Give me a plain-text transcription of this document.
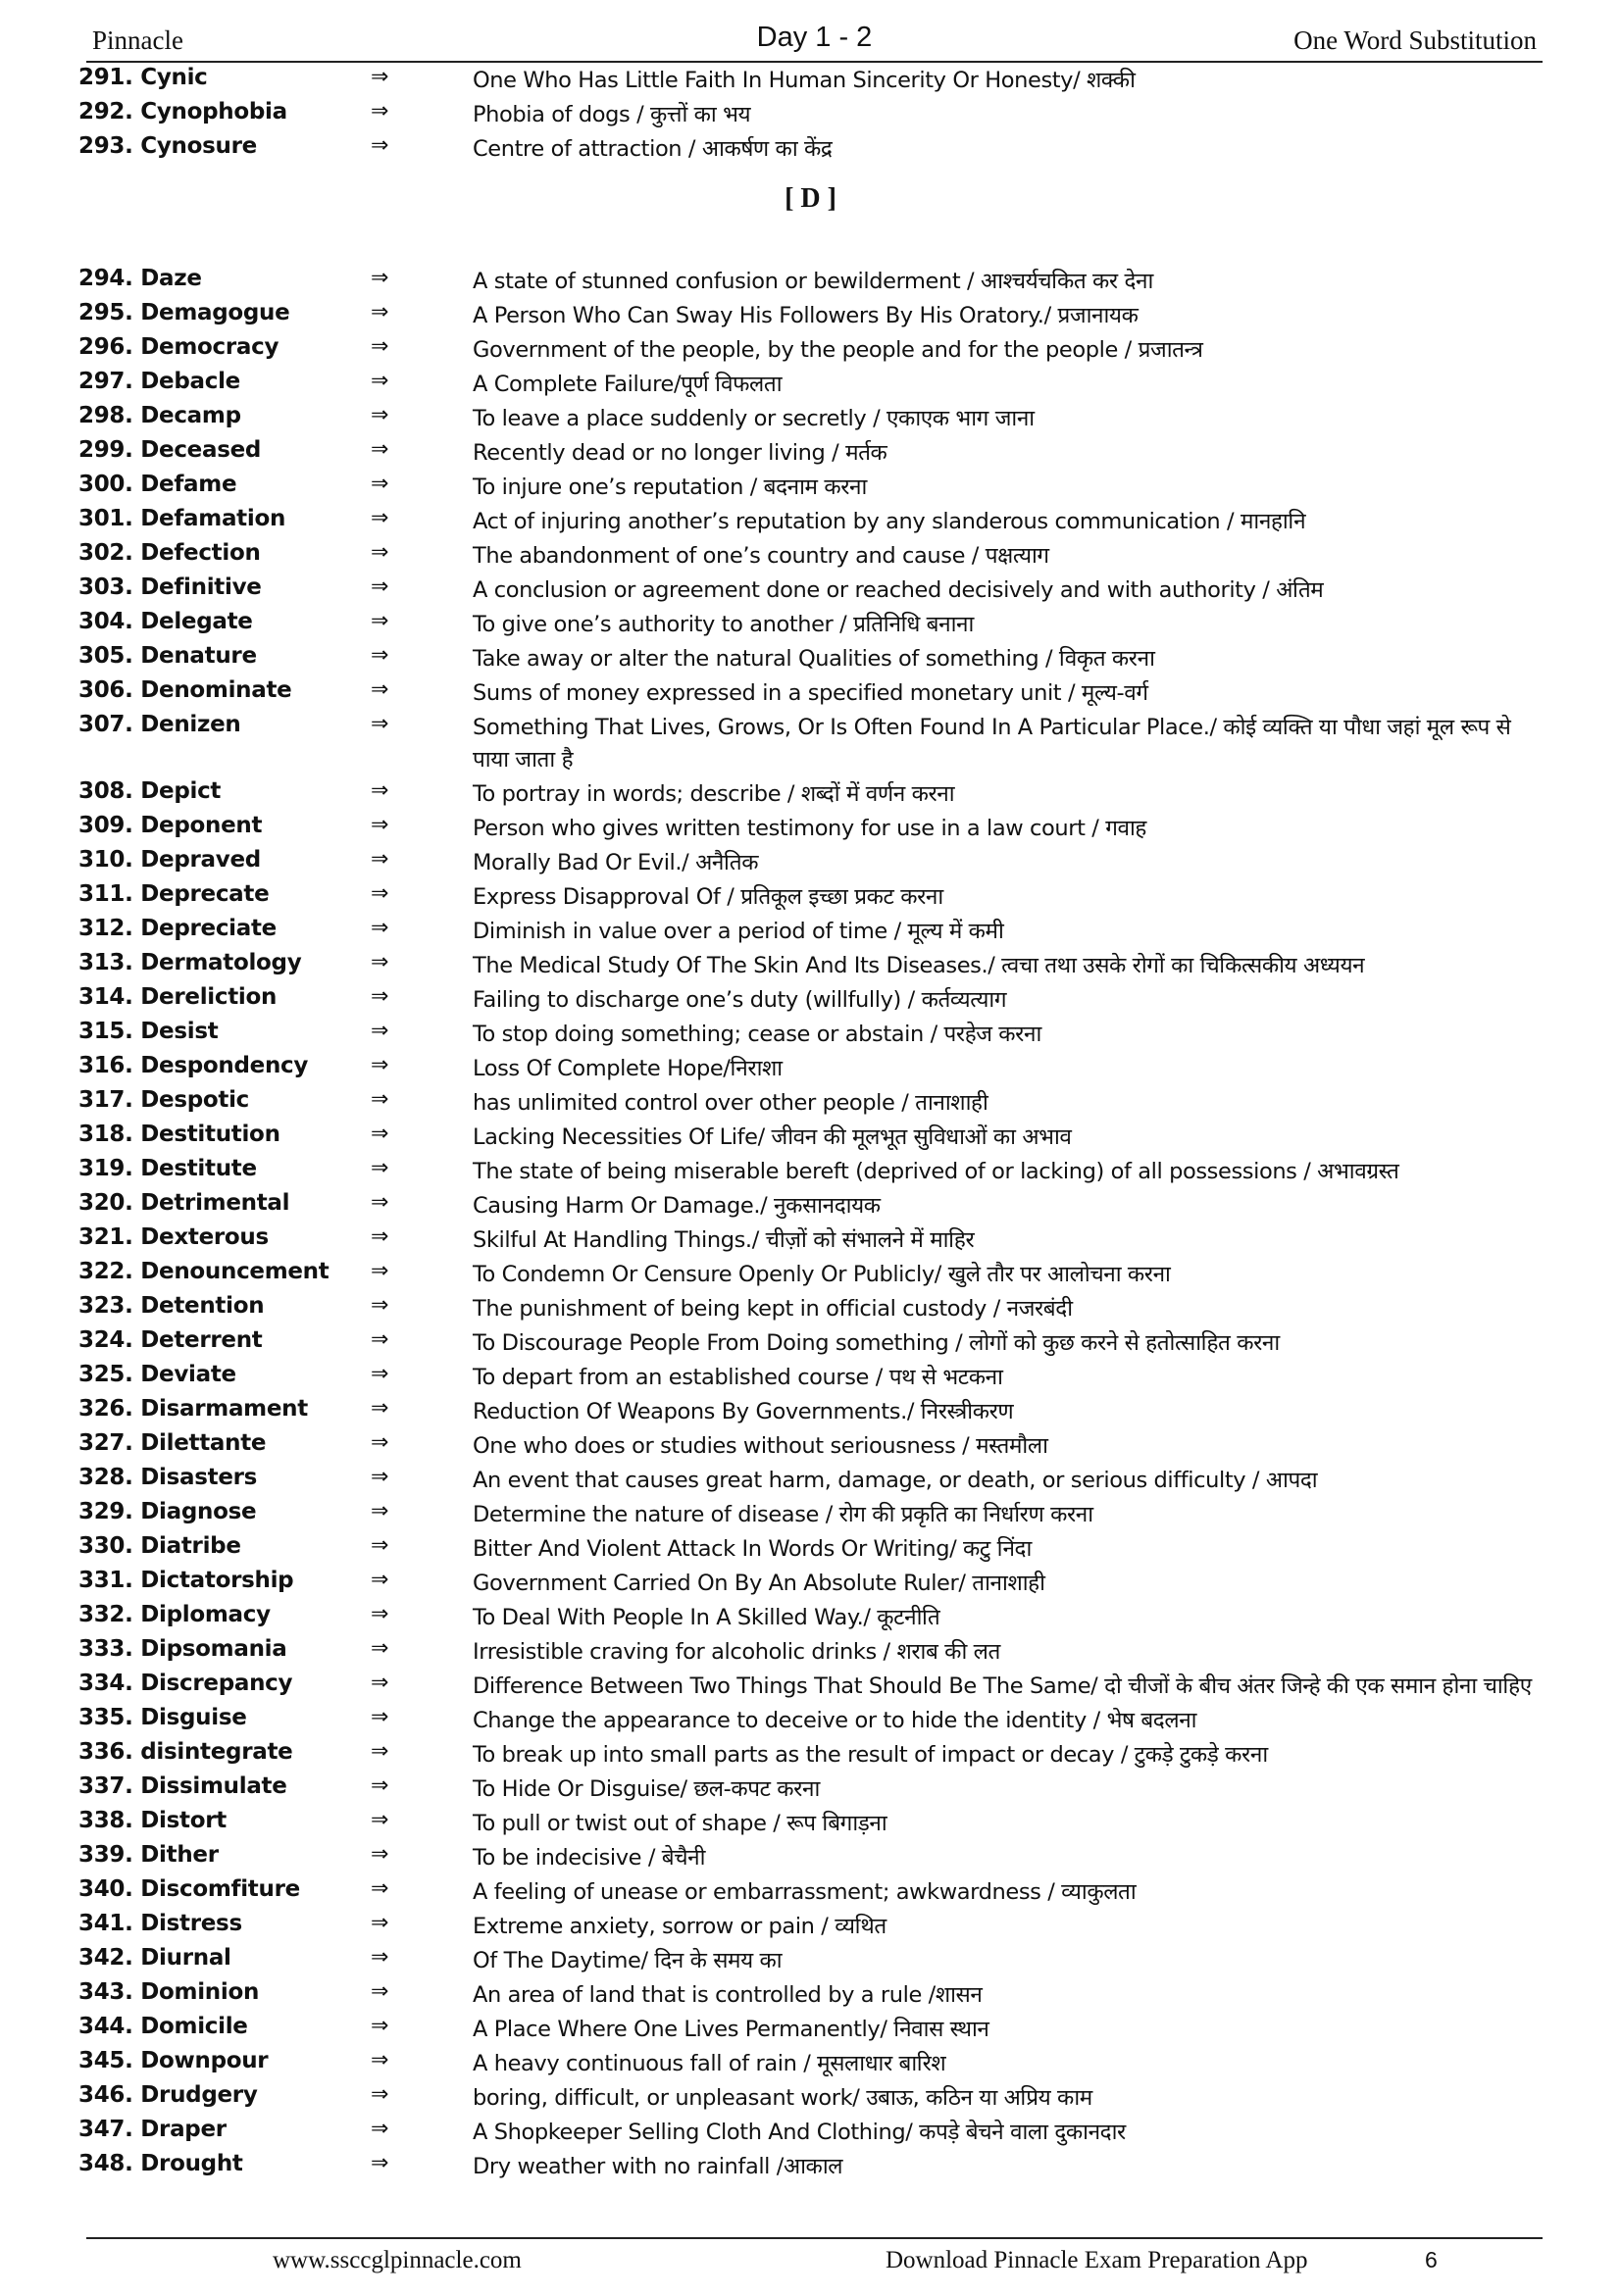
Pinnacle	Day 1 - 2	One Word Substitution
291. Cynic	⇒	One Who Has Little Faith In Human Sincerity Or Honesty/ शक्की
292. Cynophobia	⇒	Phobia of dogs / कुत्तों का भय
293. Cynosure	⇒	Centre of attraction / आकर्षण का केंद्र
[ D ]
294. Daze	⇒	A state of stunned confusion or bewilderment / आश्चर्यचकित कर देना
295. Demagogue	⇒	A Person Who Can Sway His Followers By His Oratory./ प्रजानायक
296. Democracy	⇒	Government of the people, by the people and for the people / प्रजातन्त्र
297. Debacle	⇒	A Complete Failure/पूर्ण विफलता
298. Decamp	⇒	To leave a place suddenly or secretly / एकाएक भाग जाना
299. Deceased	⇒	Recently dead or no longer living / मर्तक
300. Defame	⇒	To injure one’s reputation / बदनाम करना
301. Defamation	⇒	Act of injuring another’s reputation by any slanderous communication / मानहानि
302. Defection	⇒	The abandonment of one’s country and cause / पक्षत्याग
303. Definitive	⇒	A conclusion or agreement done or reached decisively and with authority / अंतिम
304. Delegate	⇒	To give one’s authority to another / प्रतिनिधि बनाना
305. Denature	⇒	Take away or alter the natural Qualities of something / विकृत करना
306. Denominate	⇒	Sums of money expressed in a specified monetary unit / मूल्य-वर्ग
307. Denizen	⇒	Something That Lives, Grows, Or Is Often Found In A Particular Place./ कोई व्यक्ति या पौधा जहां मूल रूप से पाया जाता है
308. Depict	⇒	To portray in words; describe / शब्दों में वर्णन करना
309. Deponent	⇒	Person who gives written testimony for use in a law court / गवाह
310. Depraved	⇒	Morally Bad Or Evil./ अनैतिक
311. Deprecate	⇒	Express Disapproval Of / प्रतिकूल इच्छा प्रकट करना
312. Depreciate	⇒	Diminish in value over a period of time / मूल्य में कमी
313. Dermatology	⇒	The Medical Study Of The Skin And Its Diseases./ त्वचा तथा उसके रोगों का चिकित्सकीय अध्ययन
314. Dereliction	⇒	Failing to discharge one’s duty (willfully) / कर्तव्यत्याग
315. Desist	⇒	To stop doing something; cease or abstain / परहेज करना
316. Despondency	⇒	Loss Of Complete Hope/निराशा
317. Despotic	⇒	has unlimited control over other people / तानाशाही
318. Destitution	⇒	Lacking Necessities Of Life/ जीवन की मूलभूत सुविधाओं का अभाव
319. Destitute	⇒	The state of being miserable bereft (deprived of or lacking) of all possessions / अभावग्रस्त
320. Detrimental	⇒	Causing Harm Or Damage./ नुकसानदायक
321. Dexterous	⇒	Skilful At Handling Things./ चीज़ों को संभालने में माहिर
322. Denouncement ⇒	To Condemn Or Censure Openly Or Publicly/ खुले तौर पर आलोचना करना
323. Detention	⇒	The punishment of being kept in official custody / नजरबंदी
324. Deterrent	⇒	To Discourage People From Doing something / लोगों को कुछ करने से हतोत्साहित करना
325. Deviate	⇒	To depart from an established course / पथ से भटकना
326. Disarmament	⇒	Reduction Of Weapons By Governments./ निरस्त्रीकरण
327. Dilettante	⇒	One who does or studies without seriousness / मस्तमौला
328. Disasters	⇒	An event that causes great harm, damage, or death, or serious difficulty / आपदा
329. Diagnose	⇒	Determine the nature of disease / रोग की प्रकृति का निर्धारण करना
330. Diatribe	⇒	Bitter And Violent Attack In Words Or Writing/ कटु निंदा
331. Dictatorship	⇒	Government Carried On By An Absolute Ruler/ तानाशाही
332. Diplomacy	⇒	To Deal With People In A Skilled Way./ कूटनीति
333. Dipsomania	⇒	Irresistible craving for alcoholic drinks / शराब की लत
334. Discrepancy	⇒	Difference Between Two Things That Should Be The Same/ दो चीजों के बीच अंतर जिन्हे की एक समान होना चाहिए
335. Disguise	⇒	Change the appearance to deceive or to hide the identity / भेष बदलना
336. disintegrate	⇒	To break up into small parts as the result of impact or decay / टुकड़े टुकड़े करना
337. Dissimulate	⇒	To Hide Or Disguise/ छल-कपट करना
338. Distort	⇒	To pull or twist out of shape / रूप बिगाड़ना
339. Dither	⇒	To be indecisive / बेचैनी
340. Discomfiture	⇒	A feeling of unease or embarrassment; awkwardness / व्याकुलता
341. Distress	⇒	Extreme anxiety, sorrow or pain / व्यथित
342. Diurnal	⇒	Of The Daytime/ दिन के समय का
343. Dominion	⇒	An area of land that is controlled by a rule /शासन
344. Domicile	⇒	A Place Where One Lives Permanently/ निवास स्थान
345. Downpour	⇒	A heavy continuous fall of rain / मूसलाधार बारिश
346. Drudgery	⇒	boring, difficult, or unpleasant work/ उबाऊ, कठिन या अप्रिय काम
347. Draper	⇒	A Shopkeeper Selling Cloth And Clothing/ कपड़े बेचने वाला दुकानदार
348. Drought	⇒	Dry weather with no rainfall /आकाल
www.ssccglpinnacle.com	Download Pinnacle Exam Preparation App	6
